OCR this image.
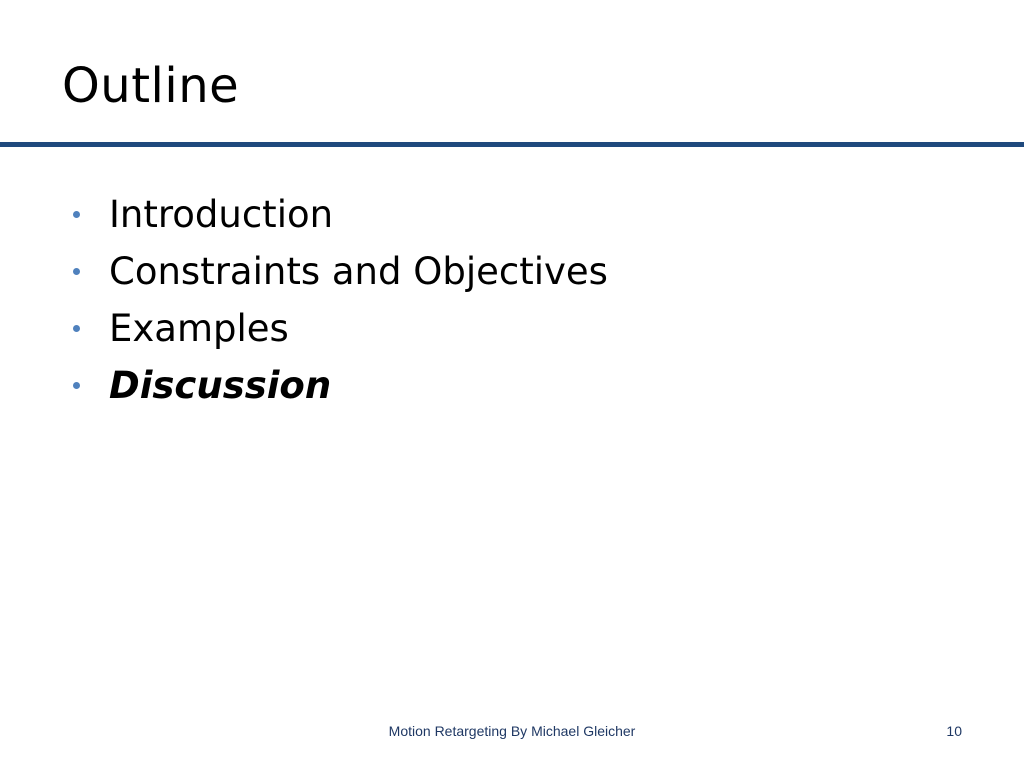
Outline
Introduction
Constraints and Objectives
Examples
Discussion
Motion Retargeting By Michael Gleicher	10
